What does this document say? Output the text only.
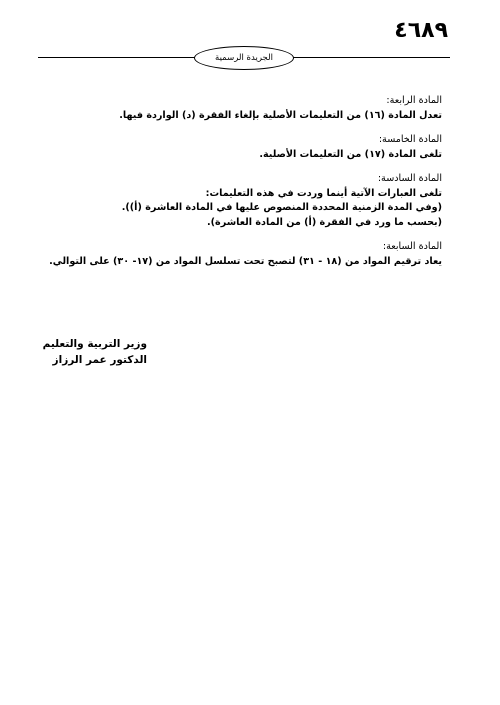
٤٦٨٩
الجريدة الرسمية
المادة الرابعة:
تعدل المادة (١٦) من التعليمات الأصلية بإلغاء الفقرة (د) الواردة فيها.
المادة الخامسة:
تلغى المادة (١٧) من التعليمات الأصلية.
المادة السادسة:
تلغى العبارات الآتية أينما وردت في هذه التعليمات:
(وفي المدة الزمنية المحددة المنصوص عليها في المادة العاشرة (أ)).
(بحسب ما ورد في الفقرة (أ) من المادة العاشرة).
المادة السابعة:
يعاد ترقيم المواد من (١٨ - ٣١) لتصبح تحت تسلسل المواد من (١٧- ٣٠) على التوالي.
وزير التربية والتعليم
الدكتور عمر الرزاز
